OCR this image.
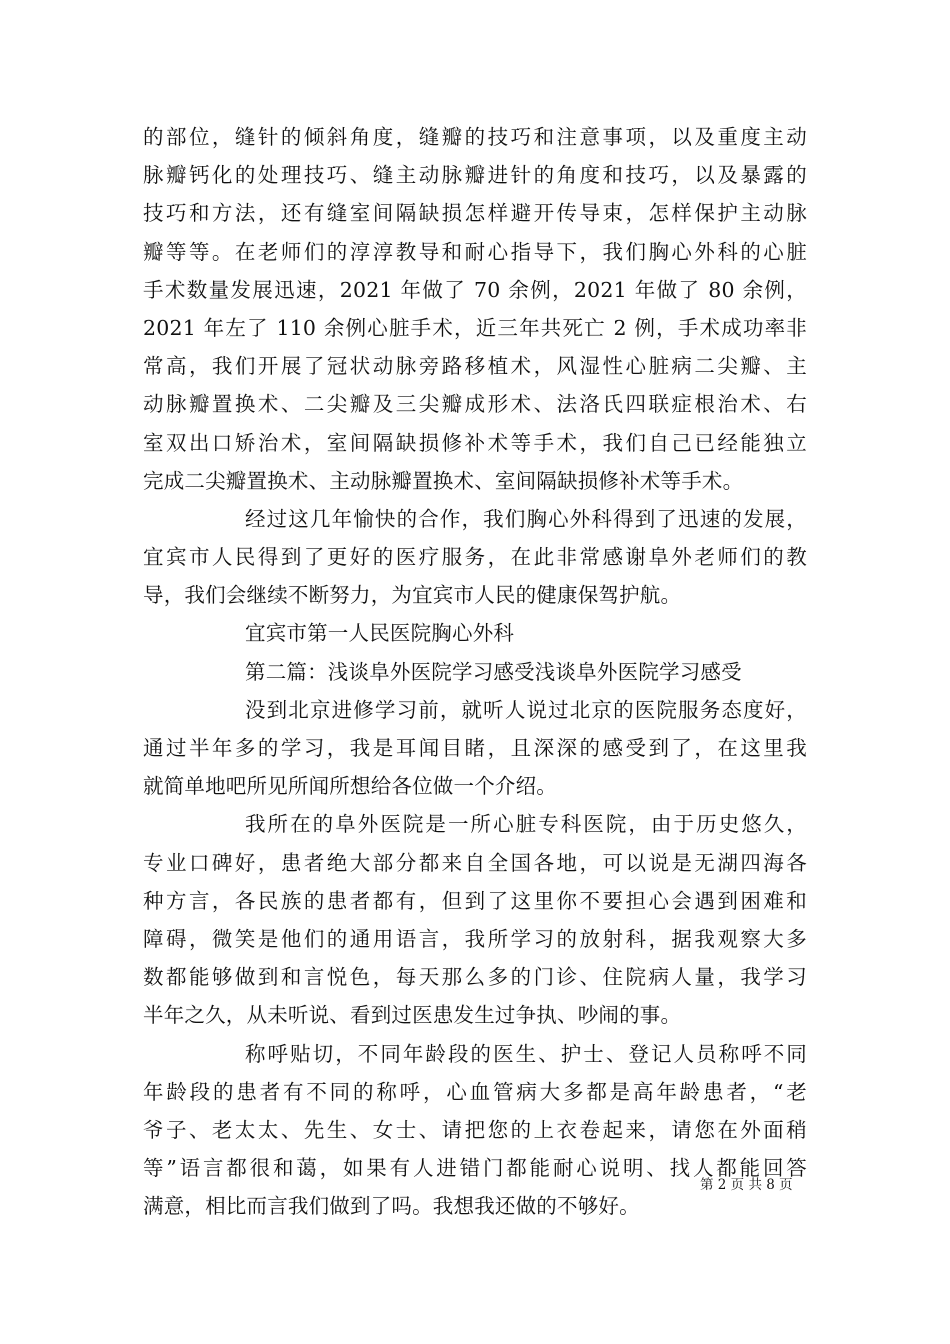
的部位，缝针的倾斜角度，缝瓣的技巧和注意事项，以及重度主动
脉瓣钙化的处理技巧、缝主动脉瓣进针的角度和技巧，以及暴露的
技巧和方法，还有缝室间隔缺损怎样避开传导束，怎样保护主动脉
瓣等等。在老师们的淳淳教导和耐心指导下，我们胸心外科的心脏
手术数量发展迅速，2021 年做了 70 余例，2021 年做了 80 余例，
2021 年左了 110 余例心脏手术，近三年共死亡 2 例，手术成功率非
常高，我们开展了冠状动脉旁路移植术，风湿性心脏病二尖瓣、主
动脉瓣置换术、二尖瓣及三尖瓣成形术、法洛氏四联症根治术、右
室双出口矫治术，室间隔缺损修补术等手术，我们自己已经能独立
完成二尖瓣置换术、主动脉瓣置换术、室间隔缺损修补术等手术。
经过这几年愉快的合作，我们胸心外科得到了迅速的发展，
宜宾市人民得到了更好的医疗服务，在此非常感谢阜外老师们的教
导，我们会继续不断努力，为宜宾市人民的健康保驾护航。
宜宾市第一人民医院胸心外科
第二篇：浅谈阜外医院学习感受浅谈阜外医院学习感受
没到北京进修学习前，就听人说过北京的医院服务态度好，
通过半年多的学习，我是耳闻目睹，且深深的感受到了，在这里我
就简单地吧所见所闻所想给各位做一个介绍。
我所在的阜外医院是一所心脏专科医院，由于历史悠久，
专业口碑好，患者绝大部分都来自全国各地，可以说是无湖四海各
种方言，各民族的患者都有，但到了这里你不要担心会遇到困难和
障碍，微笑是他们的通用语言，我所学习的放射科，据我观察大多
数都能够做到和言悦色，每天那么多的门诊、住院病人量，我学习
半年之久，从未听说、看到过医患发生过争执、吵闹的事。
称呼贴切，不同年龄段的医生、护士、登记人员称呼不同
年龄段的患者有不同的称呼，心血管病大多都是高年龄患者，“老
爷子、老太太、先生、女士、请把您的上衣卷起来，请您在外面稍
等”语言都很和蔼，如果有人进错门都能耐心说明、找人都能回答
满意，相比而言我们做到了吗。我想我还做的不够好。
第 2 页 共 8 页
